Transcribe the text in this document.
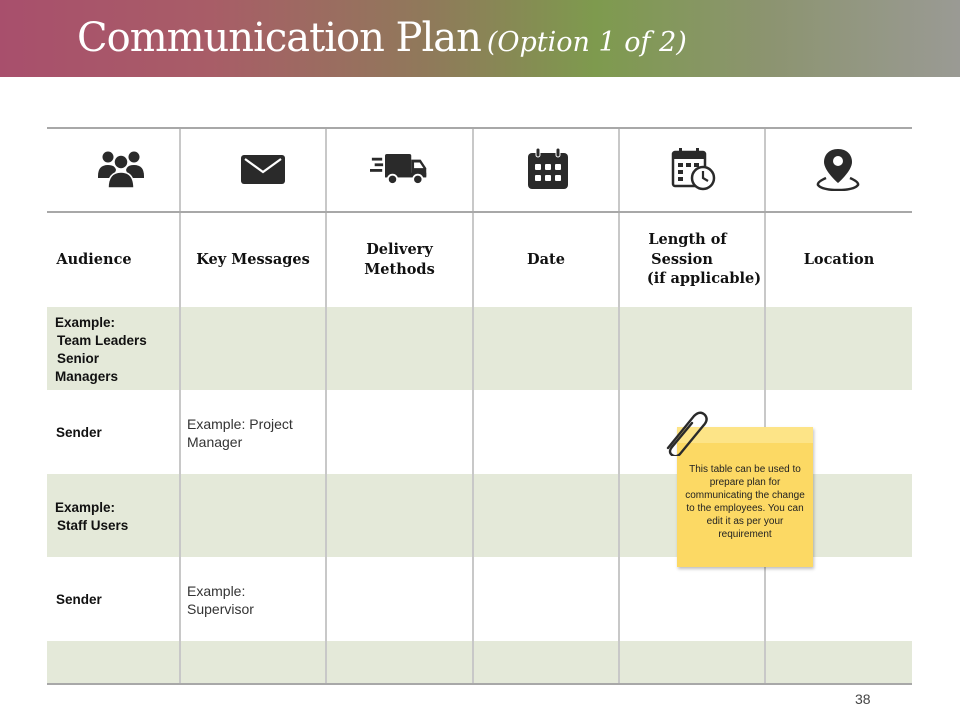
Communication Plan (Option 1 of 2)
Audience	Key Messages
Delivery
Methods
Date
Length of
Session
(if applicable)
Location
Example:
Team Leaders
Senior
Managers
Sender
Example: Project
Manager
Example:
Staff Users
Sender
Example:
Supervisor
This table can be used to prepare plan for communicating the change to the employees. You can edit it as per your requirement
38
